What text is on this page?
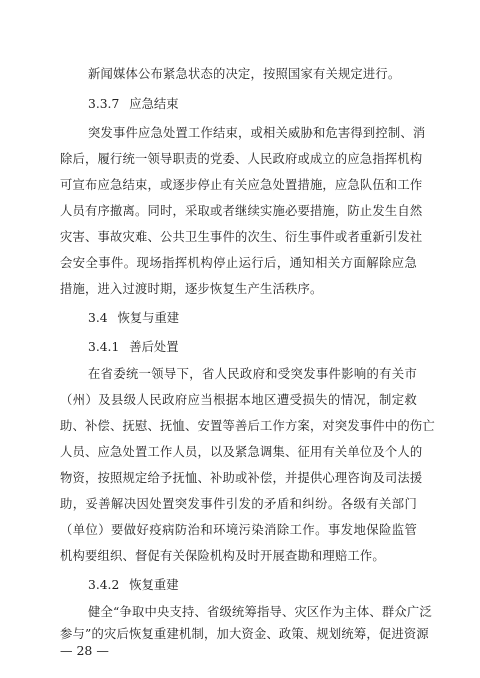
新闻媒体公布紧急状态的决定，按照国家有关规定进行。
3.3.7 应急结束
突发事件应急处置工作结束，或相关威胁和危害得到控制、消
除后，履行统一领导职责的党委、人民政府或成立的应急指挥机构
可宣布应急结束，或逐步停止有关应急处置措施，应急队伍和工作
人员有序撤离。同时，采取或者继续实施必要措施，防止发生自然
灾害、事故灾难、公共卫生事件的次生、衍生事件或者重新引发社
会安全事件。现场指挥机构停止运行后，通知相关方面解除应急
措施，进入过渡时期，逐步恢复生产生活秩序。
3.4 恢复与重建
3.4.1 善后处置
在省委统一领导下，省人民政府和受突发事件影响的有关市
（州）及县级人民政府应当根据本地区遭受损失的情况，制定救
助、补偿、抚慰、抚恤、安置等善后工作方案，对突发事件中的伤亡
人员、应急处置工作人员，以及紧急调集、征用有关单位及个人的
物资，按照规定给予抚恤、补助或补偿，并提供心理咨询及司法援
助，妥善解决因处置突发事件引发的矛盾和纠纷。各级有关部门
（单位）要做好疫病防治和环境污染消除工作。事发地保险监管
机构要组织、督促有关保险机构及时开展查勘和理赔工作。
3.4.2 恢复重建
健全“争取中央支持、省级统筹指导、灾区作为主体、群众广泛
参与”的灾后恢复重建机制，加大资金、政策、规划统筹，促进资源
— 28 —
